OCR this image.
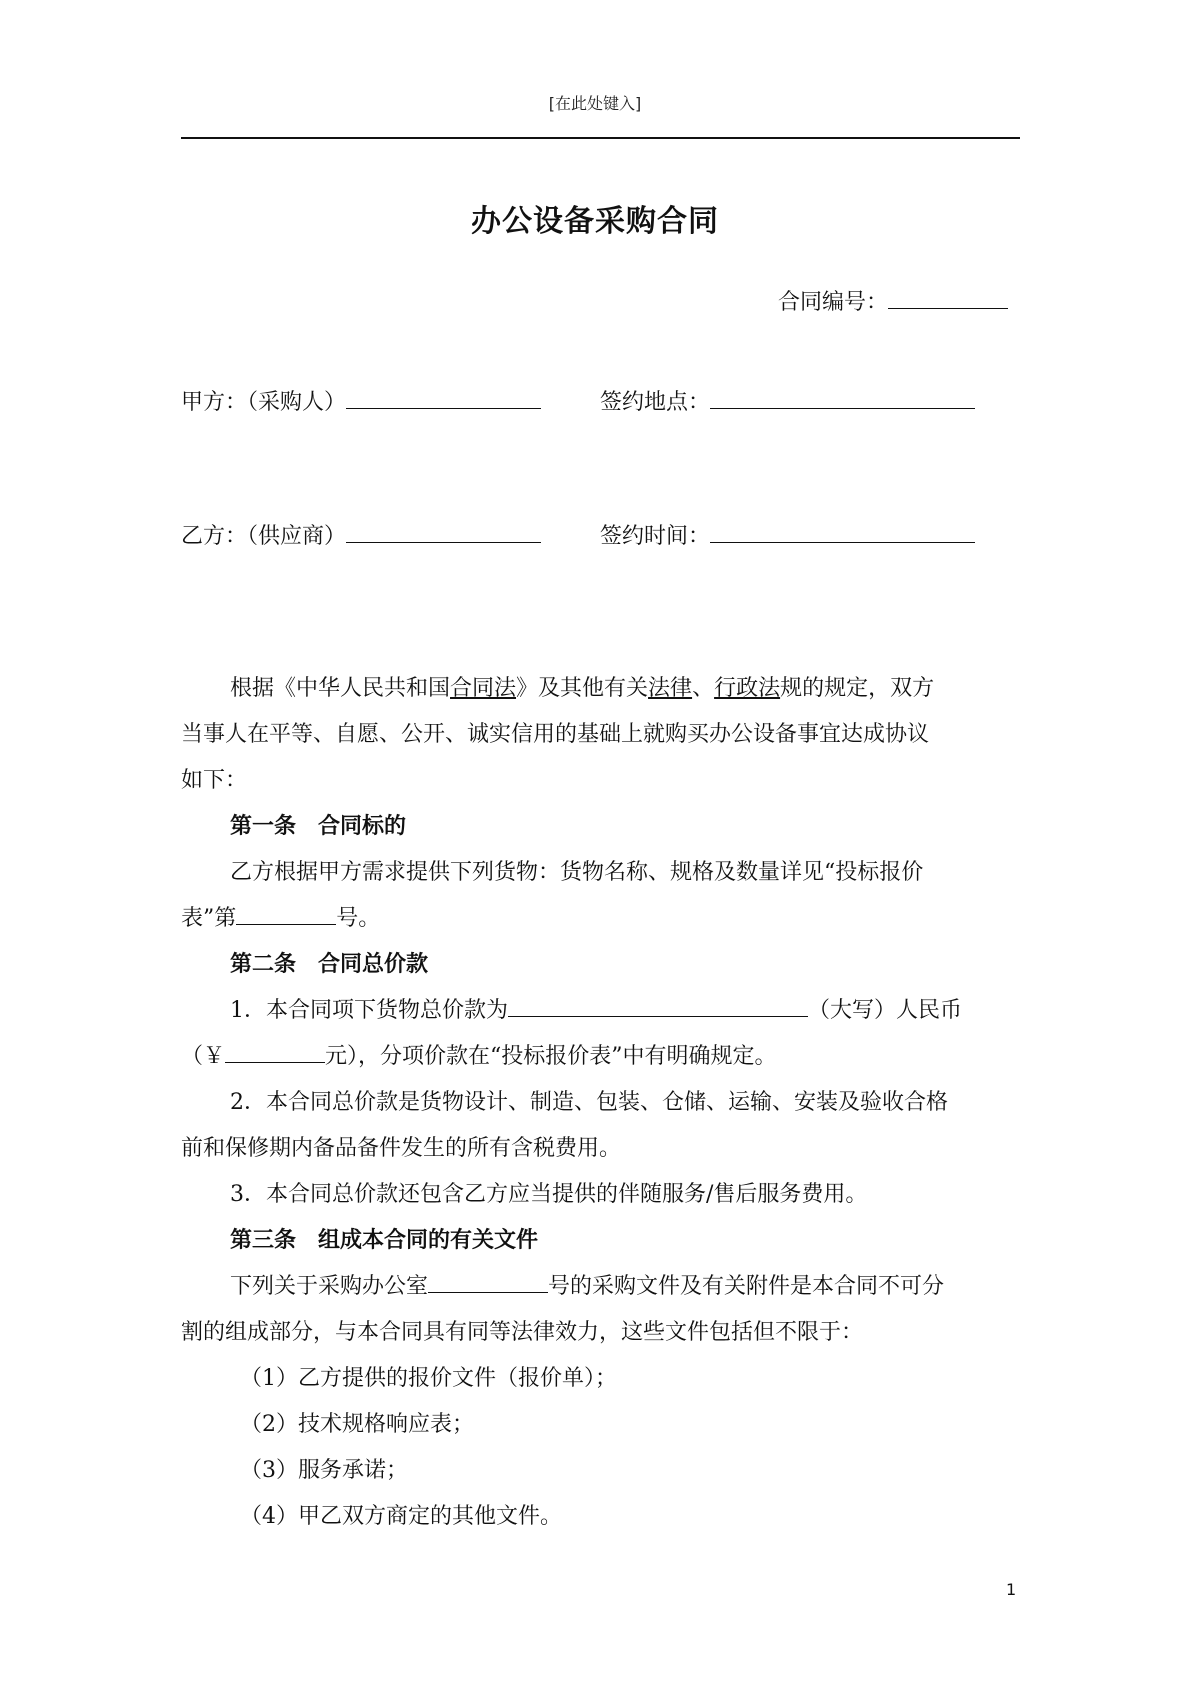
[在此处键入]
办公设备采购合同
合同编号：
甲方：（采购人）	签约地点：
乙方：（供应商）	签约时间：
根据《中华人民共和国合同法》及其他有关法律、行政法规的规定，双方
当事人在平等、自愿、公开、诚实信用的基础上就购买办公设备事宜达成协议
如下：
第一条　合同标的
乙方根据甲方需求提供下列货物：货物名称、规格及数量详见“投标报价
表”第	号。
第二条　合同总价款
1．本合同项下货物总价款为	（大写）人民币
（￥	元），分项价款在“投标报价表”中有明确规定。
2．本合同总价款是货物设计、制造、包装、仓储、运输、安装及验收合格
前和保修期内备品备件发生的所有含税费用。
3．本合同总价款还包含乙方应当提供的伴随服务/售后服务费用。
第三条　组成本合同的有关文件
下列关于采购办公室	号的采购文件及有关附件是本合同不可分
割的组成部分，与本合同具有同等法律效力，这些文件包括但不限于：
（1）乙方提供的报价文件（报价单）；
（2）技术规格响应表；
（3）服务承诺；
（4）甲乙双方商定的其他文件。
1
